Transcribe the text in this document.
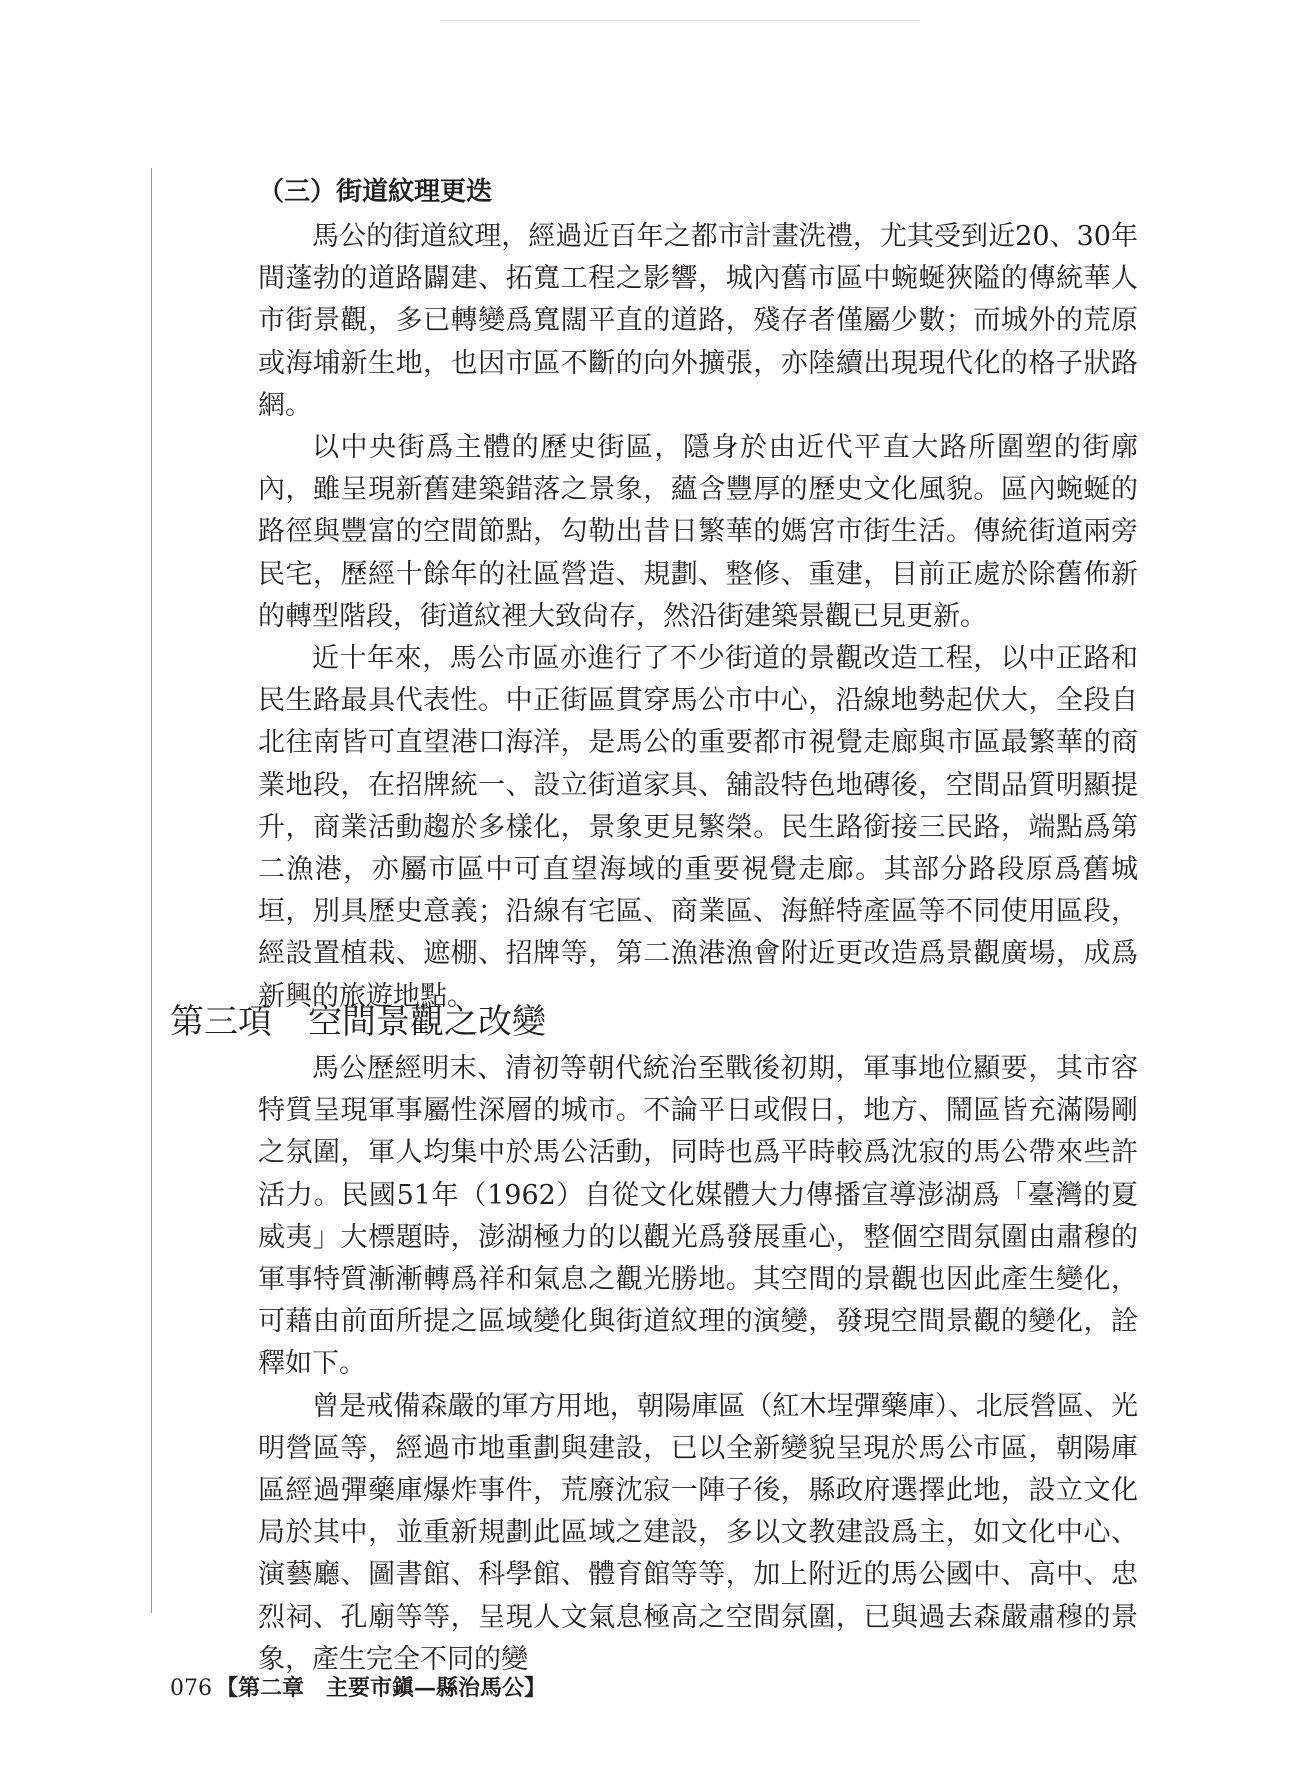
（三）街道紋理更迭

馬公的街道紋理，經過近百年之都市計畫洗禮，尤其受到近20、30年間蓬勃的道路闢建、拓寬工程之影響，城內舊市區中蜿蜒狹隘的傳統華人市街景觀，多已轉變爲寬闊平直的道路，殘存者僅屬少數；而城外的荒原或海埔新生地，也因市區不斷的向外擴張，亦陸續出現現代化的格子狀路網。

以中央街爲主體的歷史街區，隱身於由近代平直大路所圍塑的街廓內，雖呈現新舊建築錯落之景象，蘊含豐厚的歷史文化風貌。區內蜿蜒的路徑與豐富的空間節點，勾勒出昔日繁華的媽宮市街生活。傳統街道兩旁民宅，歷經十餘年的社區營造、規劃、整修、重建，目前正處於除舊佈新的轉型階段，街道紋裡大致尙存，然沿街建築景觀已見更新。

近十年來，馬公市區亦進行了不少街道的景觀改造工程，以中正路和民生路最具代表性。中正街區貫穿馬公市中心，沿線地勢起伏大，全段自北往南皆可直望港口海洋，是馬公的重要都市視覺走廊與市區最繁華的商業地段，在招牌統一、設立街道家具、舖設特色地磚後，空間品質明顯提升，商業活動趨於多樣化，景象更見繁榮。民生路銜接三民路，端點爲第二漁港，亦屬市區中可直望海域的重要視覺走廊。其部分路段原爲舊城垣，別具歷史意義；沿線有宅區、商業區、海鮮特產區等不同使用區段，經設置植栽、遮棚、招牌等，第二漁港漁會附近更改造爲景觀廣場，成爲新興的旅遊地點。

第三項 空間景觀之改變

馬公歷經明末、清初等朝代統治至戰後初期，軍事地位顯要，其市容特質呈現軍事屬性深層的城市。不論平日或假日，地方、鬧區皆充滿陽剛之氛圍，軍人均集中於馬公活動，同時也爲平時較爲沈寂的馬公帶來些許活力。民國51年（1962）自從文化媒體大力傳播宣導澎湖爲「臺灣的夏威夷」大標題時，澎湖極力的以觀光爲發展重心，整個空間氛圍由肅穆的軍事特質漸漸轉爲祥和氣息之觀光勝地。其空間的景觀也因此產生變化，可藉由前面所提之區域變化與街道紋理的演變，發現空間景觀的變化，詮釋如下。

曾是戒備森嚴的軍方用地，朝陽庫區（紅木埕彈藥庫）、北辰營區、光明營區等，經過市地重劃與建設，已以全新變貌呈現於馬公市區，朝陽庫區經過彈藥庫爆炸事件，荒廢沈寂一陣子後，縣政府選擇此地，設立文化局於其中，並重新規劃此區域之建設，多以文教建設爲主，如文化中心、演藝廳、圖書館、科學館、體育館等等，加上附近的馬公國中、高中、忠烈祠、孔廟等等，呈現人文氣息極高之空間氛圍，已與過去森嚴肅穆的景象，產生完全不同的變

076 【第二章　主要市鎭—縣治馬公】
